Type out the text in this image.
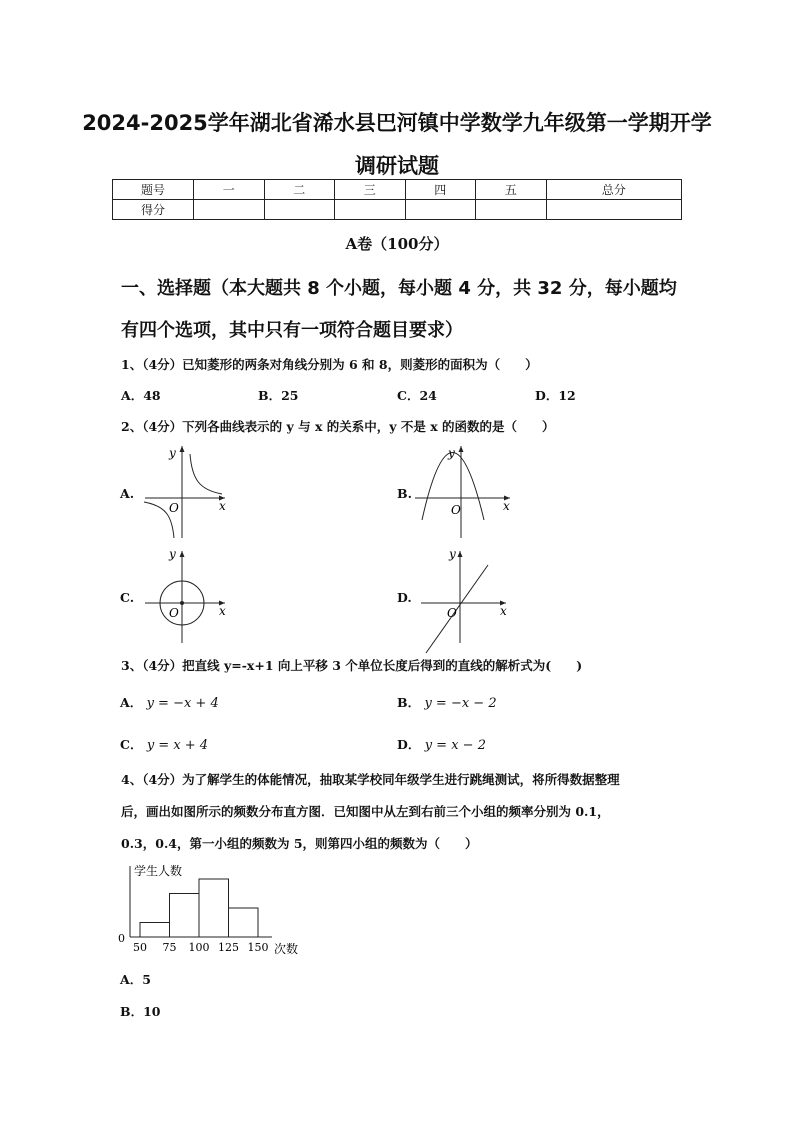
2024-2025学年湖北省浠水县巴河镇中学数学九年级第一学期开学
调研试题
题号	一	二	三	四	五	总分
得分						
A卷（100分）
一、选择题（本大题共 8 个小题，每小题 4 分，共 32 分，每小题均
有四个选项，其中只有一项符合题目要求）
1、（4分）已知菱形的两条对角线分别为 6 和 8，则菱形的面积为（　　）
A．48	B．25	C．24	D．12
2、（4分）下列各曲线表示的 y 与 x 的关系中，y 不是 x 的函数的是（　　）
A.	B.
C.	D.
y
x
O
y
x
O
y
x
O
y
x
O
3、（4分）把直线 y=-x+1 向上平移 3 个单位长度后得到的直线的解析式为(　　)
A． y = −x + 4	B． y = −x − 2
C． y = x + 4	D． y = x − 2
4、（4分）为了解学生的体能情况，抽取某学校同年级学生进行跳绳测试，将所得数据整理
后，画出如图所示的频数分布直方图．已知图中从左到右前三个小组的频率分别为 0.1，
0.3，0.4，第一小组的频数为 5，则第四小组的频数为（　　）
学生人数
次数
0
50 75 100 125 150
A．5
B．10
